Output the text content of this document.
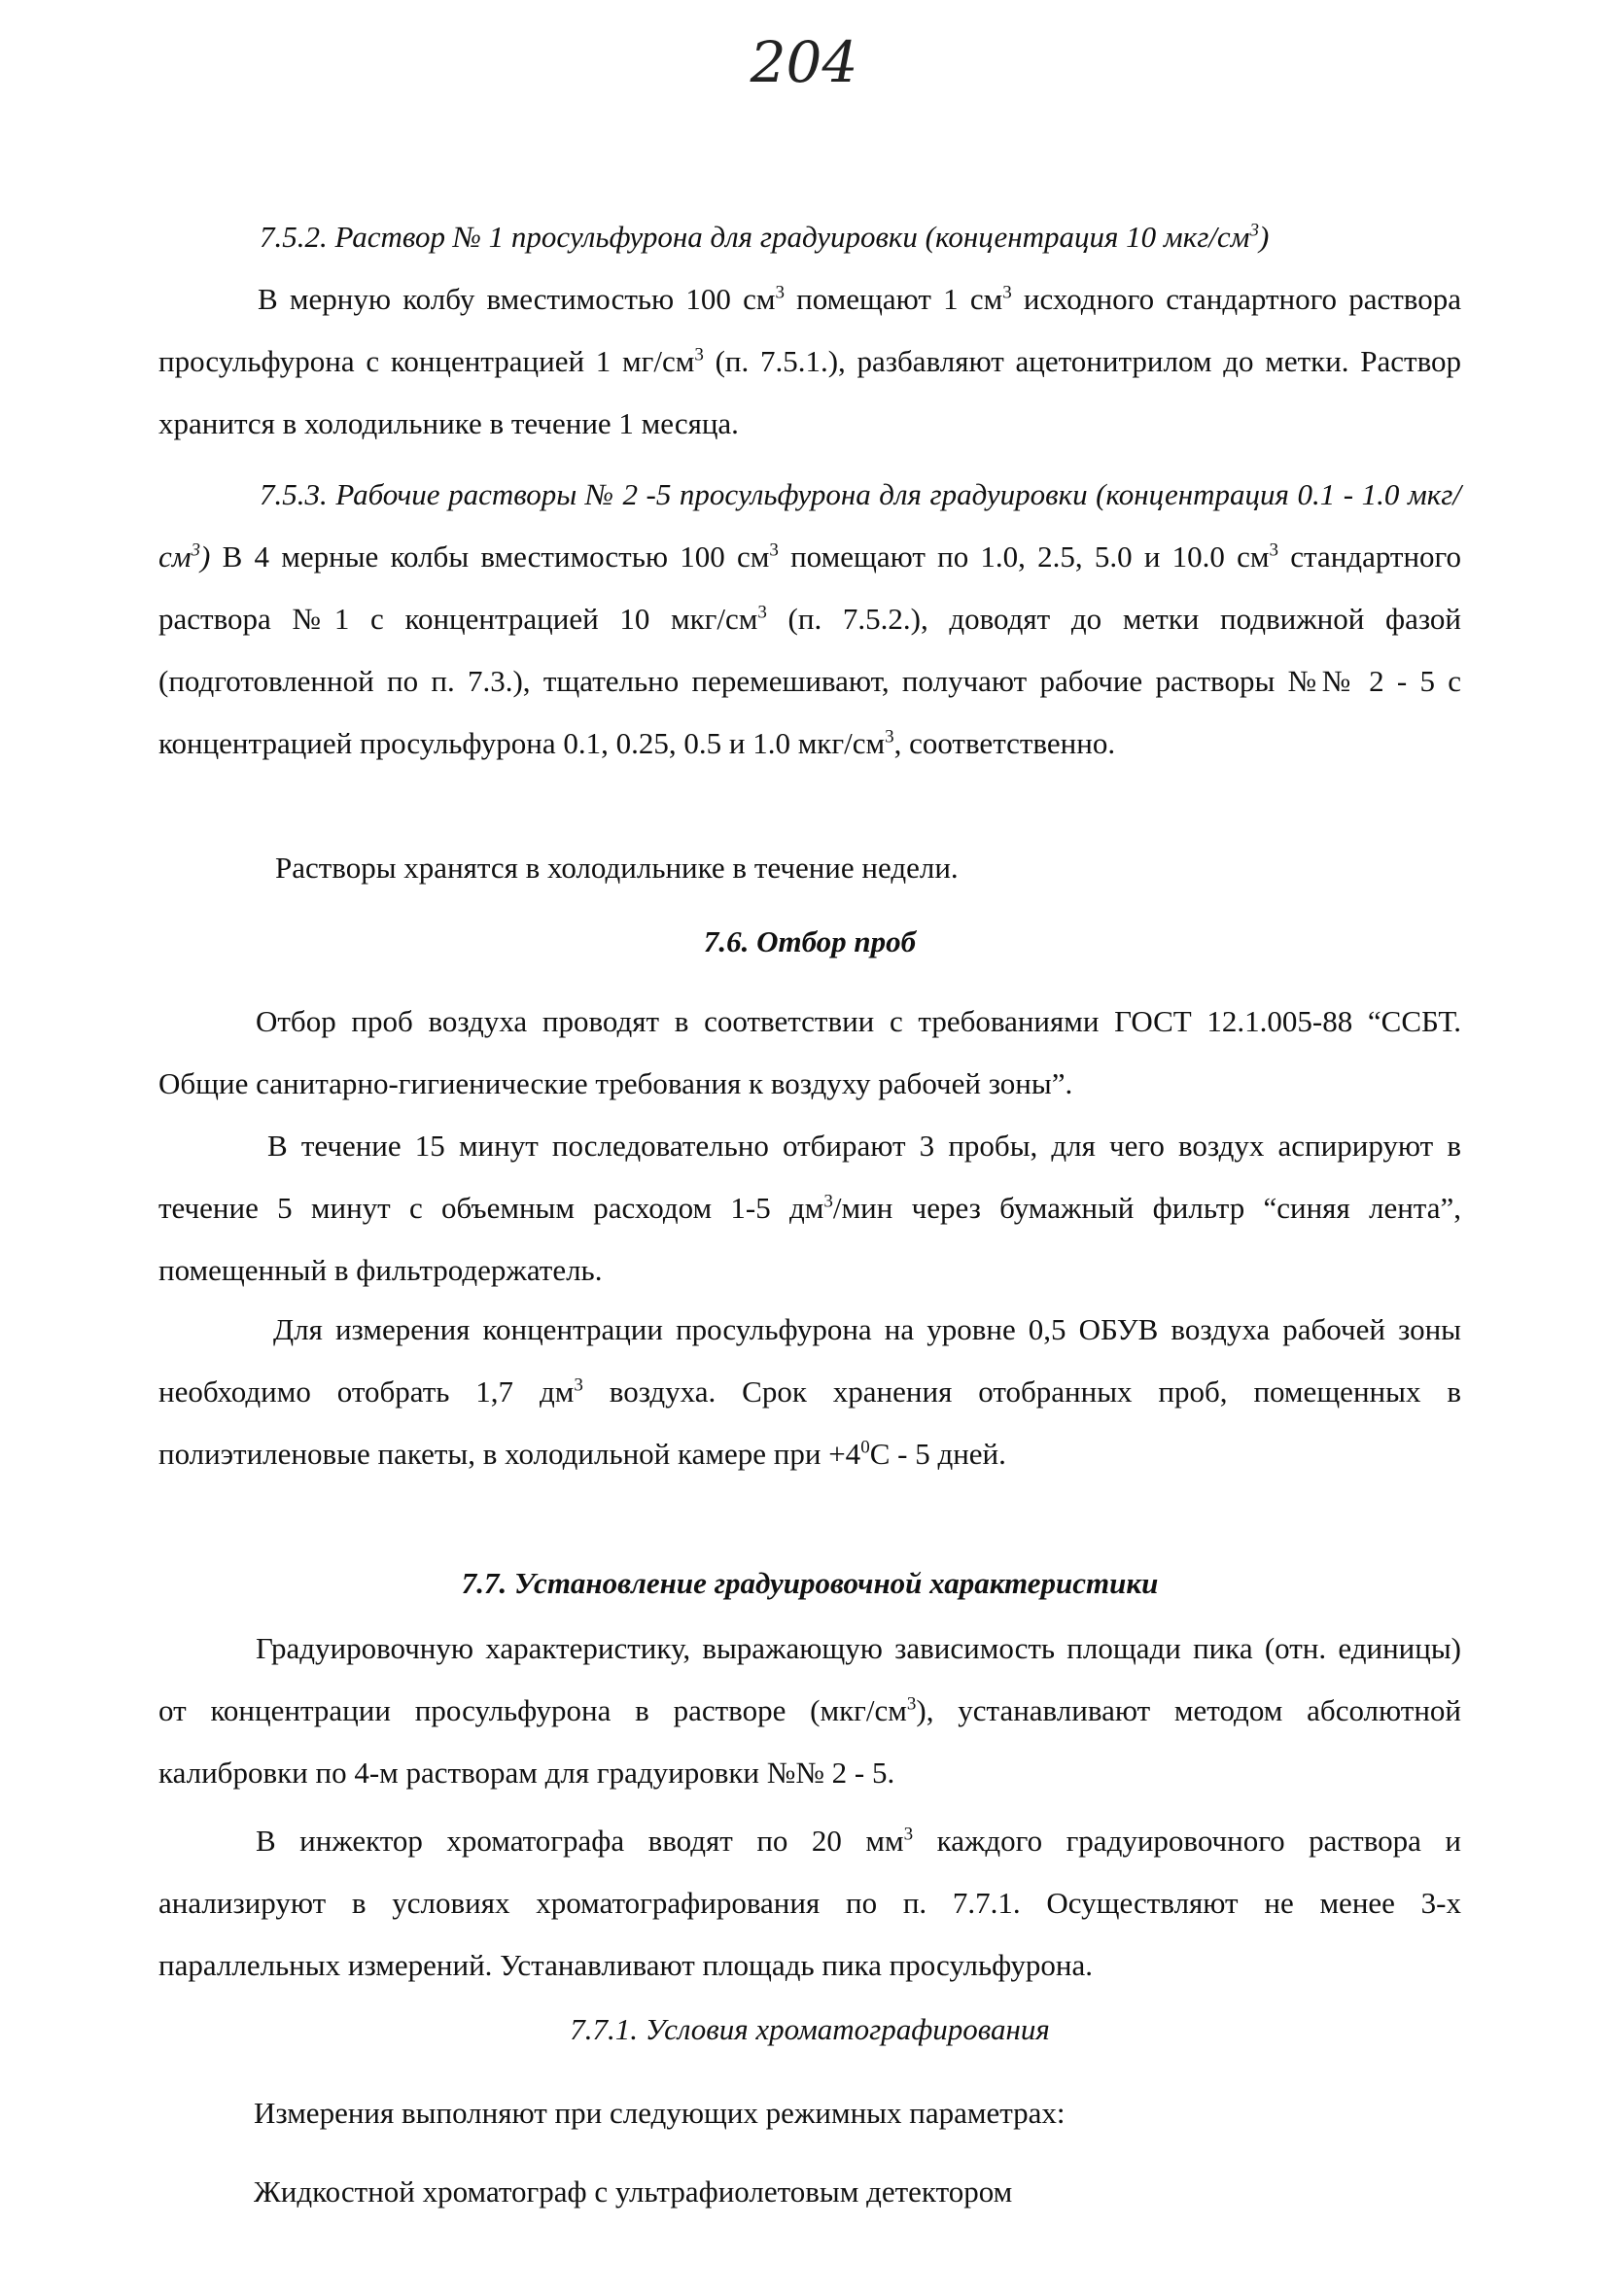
204

7.5.2. Раствор № 1 просульфурона для градуировки (концентрация 10 мкг/$см^3$)

В мерную колбу вместимостью 100 $см^3$ помещают 1 $см^3$ исходного стандартного раствора просульфурона с концентрацией 1 $мг/см^3$ (п. 7.5.1.), разбавляют ацетонитрилом до метки. Раствор хранится в холодильнике в течение 1 месяца.

7.5.3. Рабочие растворы № 2 -5 просульфурона для градуировки (концентрация 0.1 - 1.0 мкг/$см^3$) В 4 мерные колбы вместимостью 100 $см^3$ помещают по 1.0, 2.5, 5.0 и 10.0 $см^3$ стандартного раствора №1 с концентрацией 10 мкг/$см^3$ (п. 7.5.2.), доводят до метки подвижной фазой (подготовленной по п. 7.3.), тщательно перемешивают, получают рабочие растворы №№ 2 - 5 с концентрацией просульфурона 0.1, 0.25, 0.5 и 1.0 мкг/$см^3$, соответственно.

Растворы хранятся в холодильнике в течение недели.

7.6. Отбор проб

Отбор проб воздуха проводят в соответствии с требованиями ГОСТ 12.1.005-88 “ССБТ. Общие санитарно-гигиенические требования к воздуху рабочей зоны”.

В течение 15 минут последовательно отбирают 3 пробы, для чего воздух аспирируют в течение 5 минут с объемным расходом 1-5 $дм^3$/мин через бумажный фильтр “синяя лента”, помещенный в фильтродержатель.

Для измерения концентрации просульфурона на уровне 0,5 ОБУВ воздуха рабочей зоны необходимо отобрать 1,7 $дм^3$ воздуха. Срок хранения отобранных проб, помещенных в полиэтиленовые пакеты, в холодильной камере при $+4^0С - 5$ дней.

7.7. Установление градуировочной характеристики

Градуировочную характеристику, выражающую зависимость площади пика (отн. единицы) от концентрации просульфурона в растворе $(мкг/см^3)$, устанавливают методом абсолютной калибровки по 4-м растворам для градуировки №№ 2 - 5.

В инжектор хроматографа вводят по 20 $мм^3$ каждого градуировочного раствора и анализируют в условиях хроматографирования по п. 7.7.1. Осуществляют не менее 3-х параллельных измерений. Устанавливают площадь пика просульфурона.

7.7.1. Условия хроматографирования

Измерения выполняют при следующих режимных параметрах:

Жидкостной хроматограф с ультрафиолетовым детектором
